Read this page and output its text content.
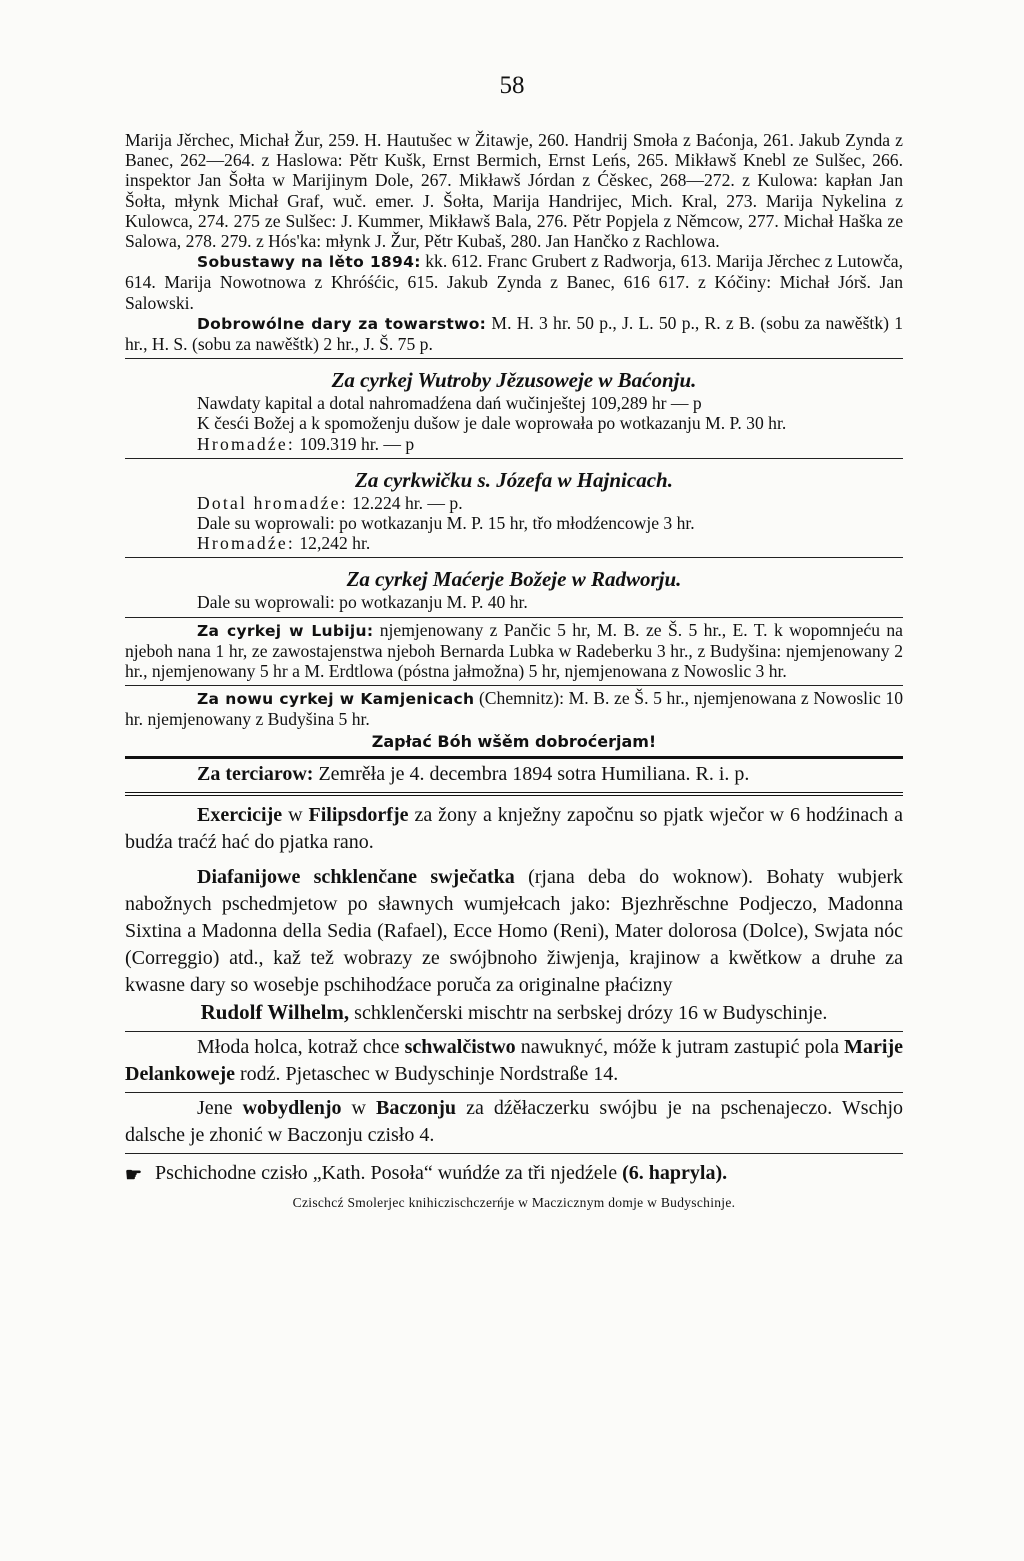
58

Marija Jěrchec, Michał Žur, 259. H. Hautušec w Žitawje, 260. Handrij Smoła z Baćonja, 261. Jakub Zynda z Banec, 262—264. z Haslowa: Pětr Kušk, Ernst Bermich, Ernst Leńs, 265. Mikławš Knebl ze Sulšec, 266. inspektor Jan Šołta w Marijinym Dole, 267. Mikławš Jórdan z Ćěskec, 268—272. z Kulowa: kapłan Jan Šołta, młynk Michał Graf, wuč. emer. J. Šołta, Marija Handrijec, Mich. Kral, 273. Marija Nykelina z Kulowca, 274. 275 ze Sulšec: J. Kummer, Mikławš Bala, 276. Pětr Popjela z Němcow, 277. Michał Haška ze Salowa, 278. 279. z Hós'ka: młynk J. Žur, Pětr Kubaš, 280. Jan Hančko z Rachlowa.

Sobustawy na lěto 1894: kk. 612. Franc Grubert z Radworja, 613. Marija Jěrchec z Lutowča, 614. Marija Nowotnowa z Khróśćic, 615. Jakub Zynda z Banec, 616 617. z Kóčiny: Michał Jórš. Jan Salowski.

Dobrowólne dary za towarstwo: M. H. 3 hr. 50 p., J. L. 50 p., R. z B. (sobu za nawěštk) 1 hr., H. S. (sobu za nawěštk) 2 hr., J. Š. 75 p.

Za cyrkej Wutroby Jězusoweje w Baćonju.

Nawdaty kapital a dotal nahromadźena dań wučinještej 109,289 hr — p

K česći Božej a k spomoženju dušow je dale woprowała po wotkazanju M. P. 30 hr.

Hromadźe: 109.319 hr. — p

Za cyrkwičku s. Józefa w Hajnicach.

Dotal hromadźe: 12.224 hr. — p.

Dale su woprowali: po wotkazanju M. P. 15 hr, třo młodźencowje 3 hr.

Hromadźe: 12,242 hr.

Za cyrkej Maćerje Božeje w Radworju.

Dale su woprowali: po wotkazanju M. P. 40 hr.

Za cyrkej w Lubiju: njemjenowany z Pančic 5 hr, M. B. ze Š. 5 hr., E. T. k wopomnjeću na njeboh nana 1 hr, ze zawostajenstwa njeboh Bernarda Lubka w Radeberku 3 hr., z Budyšina: njemjenowany 2 hr., njemjenowany 5 hr a M. Erdtlowa (póstna jałmožna) 5 hr, njemjenowana z Nowoslic 3 hr.

Za nowu cyrkej w Kamjenicach (Chemnitz): M. B. ze Š. 5 hr., njemjenowana z Nowoslic 10 hr. njemjenowany z Budyšina 5 hr.

Zapłać Bóh wšěm dobroćerjam!

Za terciarow: Zemrěła je 4. decembra 1894 sotra Humiliana. R. i. p.

Exercicije w Filipsdorfje za žony a knježny započnu so pjatk wječor w 6 hodźinach a budźa traćź hać do pjatka rano.

Diafanijowe schklenčane swječatka (rjana deba do woknow). Bohaty wubjerk nabožnych pschedmjetow po sławnych wumjełcach jako: Bjezhrěschne Podjeczo, Madonna Sixtina a Madonna della Sedia (Rafael), Ecce Homo (Reni), Mater dolorosa (Dolce), Swjata nóc (Correggio) atd., kaž tež wobrazy ze swójbnoho žiwjenja, krajinow a kwětkow a druhe za kwasne dary so wosebje pschihodźace poruča za originalne płaćizny

Rudolf Wilhelm, schklenčerski mischtr na serbskej drózy 16 w Budyschinje.

Młoda holca, kotraž chce schwalčistwo nawuknyć, móže k jutram zastupić pola Marije Delankoweje rodź. Pjetaschec w Budyschinje Nordstraße 14.

Jene wobydlenjo w Baczonju za dźěłaczerku swójbu je na pschenajeczo. Wschjo dalsche je zhonić w Baczonju czisło 4.

☛ Pschichodne czisło „Kath. Posoła“ wuńdźe za tři njedźele (6. hapryla).

Czischcź Smolerjec knihiczischczerńje w Maczicznym domje w Budyschinje.
